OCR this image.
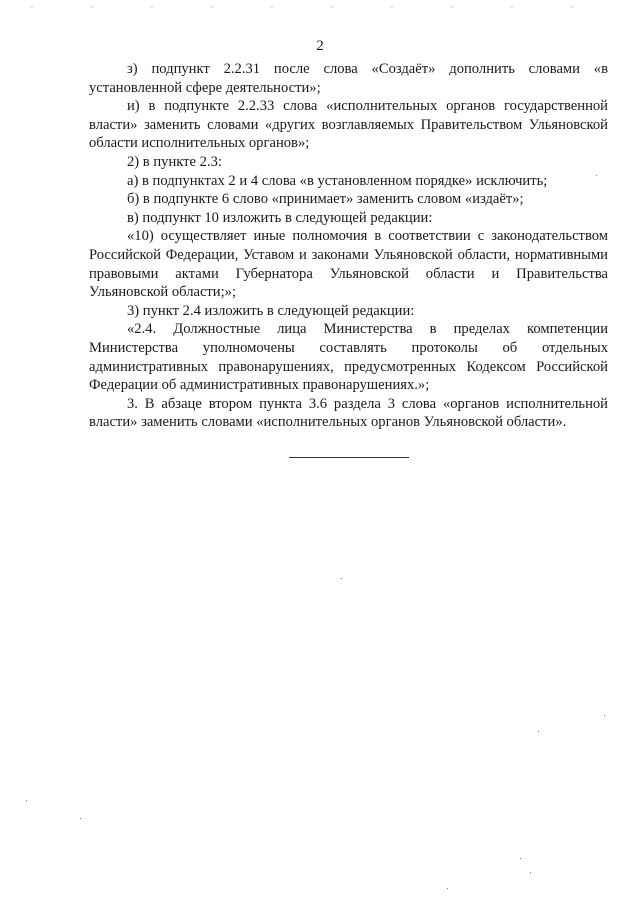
2

з) подпункт 2.2.31 после слова «Создаёт» дополнить словами «в установленной сфере деятельности»;

и) в подпункте 2.2.33 слова «исполнительных органов государственной власти» заменить словами «других возглавляемых Правительством Ульяновской области исполнительных органов»;

2) в пункте 2.3:

а) в подпунктах 2 и 4 слова «в установленном порядке» исключить;

б) в подпункте 6 слово «принимает» заменить словом «издаёт»;

в) подпункт 10 изложить в следующей редакции:

«10) осуществляет иные полномочия в соответствии с законодательством Российской Федерации, Уставом и законами Ульяновской области, нормативными правовыми актами Губернатора Ульяновской области и Правительства Ульяновской области;»;

3) пункт 2.4 изложить в следующей редакции:

«2.4. Должностные лица Министерства в пределах компетенции Министерства уполномочены составлять протоколы об отдельных административных правонарушениях, предусмотренных Кодексом Российской Федерации об административных правонарушениях.»;

3. В абзаце втором пункта 3.6 раздела 3 слова «органов исполнительной власти» заменить словами «исполнительных органов Ульяновской области».
